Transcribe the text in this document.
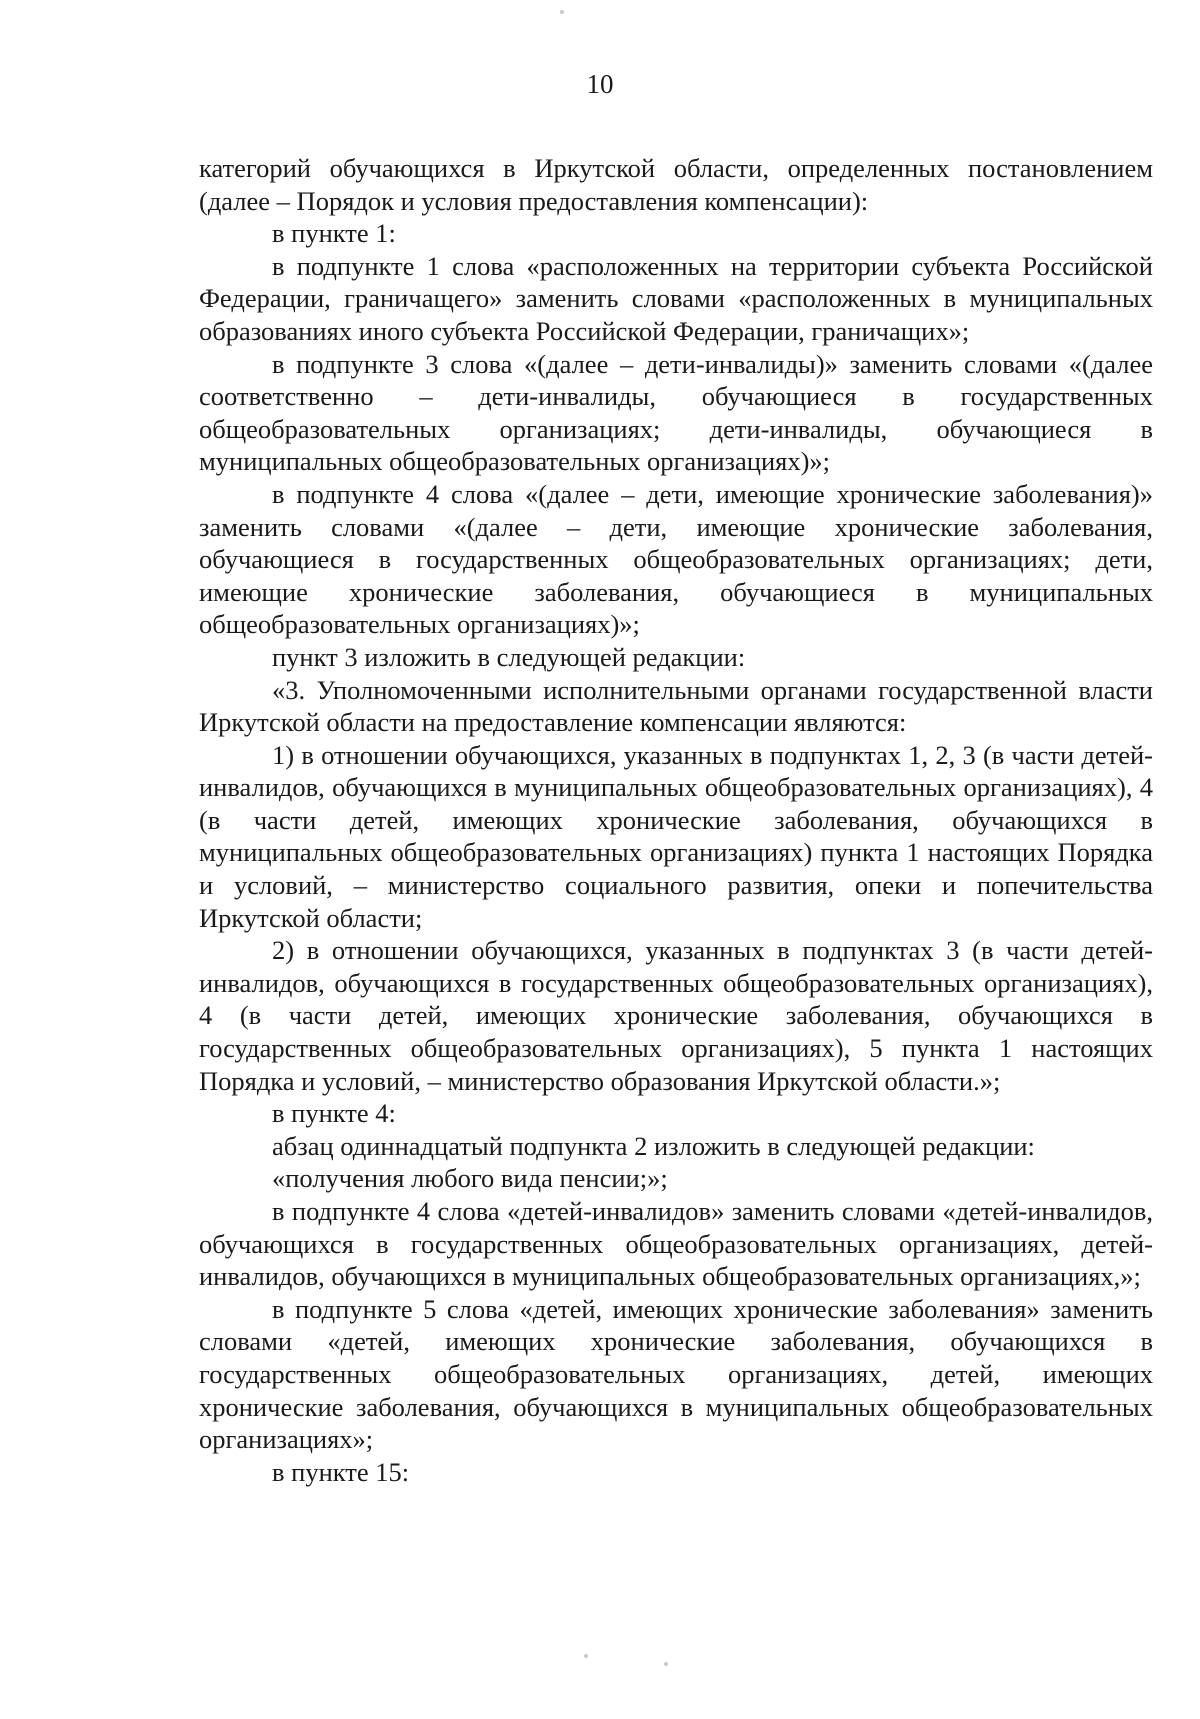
10

категорий обучающихся в Иркутской области, определенных постановлением (далее – Порядок и условия предоставления компенсации):

в пункте 1:

в подпункте 1 слова «расположенных на территории субъекта Российской Федерации, граничащего» заменить словами «расположенных в муниципальных образованиях иного субъекта Российской Федерации, граничащих»;

в подпункте 3 слова «(далее – дети-инвалиды)» заменить словами «(далее соответственно – дети-инвалиды, обучающиеся в государственных общеобразовательных организациях; дети-инвалиды, обучающиеся в муниципальных общеобразовательных организациях)»;

в подпункте 4 слова «(далее – дети, имеющие хронические заболевания)» заменить словами «(далее – дети, имеющие хронические заболевания, обучающиеся в государственных общеобразовательных организациях; дети, имеющие хронические заболевания, обучающиеся в муниципальных общеобразовательных организациях)»;

пункт 3 изложить в следующей редакции:

«3. Уполномоченными исполнительными органами государственной власти Иркутской области на предоставление компенсации являются:

1) в отношении обучающихся, указанных в подпунктах 1, 2, 3 (в части детей-инвалидов, обучающихся в муниципальных общеобразовательных организациях), 4 (в части детей, имеющих хронические заболевания, обучающихся в муниципальных общеобразовательных организациях) пункта 1 настоящих Порядка и условий, – министерство социального развития, опеки и попечительства Иркутской области;

2) в отношении обучающихся, указанных в подпунктах 3 (в части детей-инвалидов, обучающихся в государственных общеобразовательных организациях), 4 (в части детей, имеющих хронические заболевания, обучающихся в государственных общеобразовательных организациях), 5 пункта 1 настоящих Порядка и условий, – министерство образования Иркутской области.»;

в пункте 4:

абзац одиннадцатый подпункта 2 изложить в следующей редакции:

«получения любого вида пенсии;»;

в подпункте 4 слова «детей-инвалидов» заменить словами «детей-инвалидов, обучающихся в государственных общеобразовательных организациях, детей-инвалидов, обучающихся в муниципальных общеобразовательных организациях,»;

в подпункте 5 слова «детей, имеющих хронические заболевания» заменить словами «детей, имеющих хронические заболевания, обучающихся в государственных общеобразовательных организациях, детей, имеющих хронические заболевания, обучающихся в муниципальных общеобразовательных организациях»;

в пункте 15:
